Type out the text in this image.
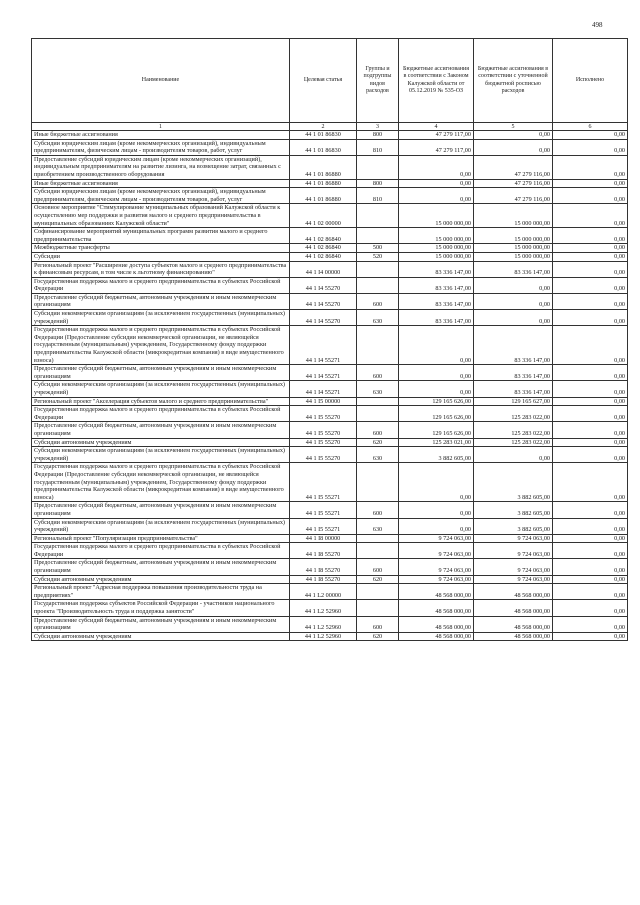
498
Наименование	Целевая статья	Группы и подгруппы видов расходов	Бюджетные ассигнования в соответствии с Законом Калужской области от 05.12.2019 № 535-ОЗ	Бюджетные ассигнования в соответствии с уточненной бюджетной росписью расходов	Исполнено
1	2	3	4	5	6
Иные бюджетные ассигнования	44 1 01 86830	800	47 279 117,00	0,00	0,00
Субсидии юридическим лицам (кроме некоммерческих организаций), индивидуальным предпринимателям, физическим лицам - производителям товаров, работ, услуг	44 1 01 86830	810	47 279 117,00	0,00	0,00
Предоставление субсидий юридическим лицам (кроме некоммерческих организаций), индивидуальным предпринимателям на развитие лизинга, на возмещение затрат, связанных с приобретением производственного оборудования	44 1 01 86880		0,00	47 279 116,00	0,00
Иные бюджетные ассигнования	44 1 01 86880	800	0,00	47 279 116,00	0,00
Субсидии юридическим лицам (кроме некоммерческих организаций), индивидуальным предпринимателям, физическим лицам - производителям товаров, работ, услуг	44 1 01 86880	810	0,00	47 279 116,00	0,00
Основное мероприятие "Стимулирование муниципальных образований Калужской области к осуществлению мер поддержки и развития малого и среднего предпринимательства в муниципальных образованиях Калужской области"	44 1 02 00000		15 000 000,00	15 000 000,00	0,00
Софинансирование мероприятий муниципальных программ развития малого и среднего предпринимательства	44 1 02 86840		15 000 000,00	15 000 000,00	0,00
Межбюджетные трансферты	44 1 02 86840	500	15 000 000,00	15 000 000,00	0,00
Субсидии	44 1 02 86840	520	15 000 000,00	15 000 000,00	0,00
Региональный проект "Расширение доступа субъектов малого и среднего предпринимательства к финансовым ресурсам, в том числе к льготному финансированию"	44 1 I4 00000		83 336 147,00	83 336 147,00	0,00
Государственная поддержка малого и среднего предпринимательства в субъектах Российской Федерации	44 1 I4 55270		83 336 147,00	0,00	0,00
Предоставление субсидий бюджетным, автономным учреждениям и иным некоммерческим организациям	44 1 I4 55270	600	83 336 147,00	0,00	0,00
Субсидии некоммерческим организациям (за исключением государственных (муниципальных) учреждений)	44 1 I4 55270	630	83 336 147,00	0,00	0,00
Государственная поддержка малого и среднего предпринимательства в субъектах Российской Федерации (Предоставление субсидии некоммерческой организации, не являющейся государственным (муниципальным) учреждением, Государственному фонду поддержки предпринимательства Калужской области (микрокредитная компания) в виде имущественного взноса)	44 1 I4 55271		0,00	83 336 147,00	0,00
Предоставление субсидий бюджетным, автономным учреждениям и иным некоммерческим организациям	44 1 I4 55271	600	0,00	83 336 147,00	0,00
Субсидии некоммерческим организациям (за исключением государственных (муниципальных) учреждений)	44 1 I4 55271	630	0,00	83 336 147,00	0,00
Региональный проект "Акселерация субъектов малого и среднего предпринимательства"	44 1 I5 00000		129 165 626,00	129 165 627,00	0,00
Государственная поддержка малого и среднего предпринимательства в субъектах Российской Федерации	44 1 I5 55270		129 165 626,00	125 283 022,00	0,00
Предоставление субсидий бюджетным, автономным учреждениям и иным некоммерческим организациям	44 1 I5 55270	600	129 165 626,00	125 283 022,00	0,00
Субсидии автономным учреждениям	44 1 I5 55270	620	125 283 021,00	125 283 022,00	0,00
Субсидии некоммерческим организациям (за исключением государственных (муниципальных) учреждений)	44 1 I5 55270	630	3 882 605,00	0,00	0,00
Государственная поддержка малого и среднего предпринимательства в субъектах Российской Федерации (Предоставление субсидии некоммерческой организации, не являющейся государственным (муниципальным) учреждением, Государственному фонду поддержки предпринимательства Калужской области (микрокредитная компания) в виде имущественного взноса)	44 1 I5 55271		0,00	3 882 605,00	0,00
Предоставление субсидий бюджетным, автономным учреждениям и иным некоммерческим организациям	44 1 I5 55271	600	0,00	3 882 605,00	0,00
Субсидии некоммерческим организациям (за исключением государственных (муниципальных) учреждений)	44 1 I5 55271	630	0,00	3 882 605,00	0,00
Региональный проект "Популяризация предпринимательства"	44 1 I8 00000		9 724 063,00	9 724 063,00	0,00
Государственная поддержка малого и среднего предпринимательства в субъектах Российской Федерации	44 1 I8 55270		9 724 063,00	9 724 063,00	0,00
Предоставление субсидий бюджетным, автономным учреждениям и иным некоммерческим организациям	44 1 I8 55270	600	9 724 063,00	9 724 063,00	0,00
Субсидии автономным учреждениям	44 1 I8 55270	620	9 724 063,00	9 724 063,00	0,00
Региональный проект "Адресная поддержка повышения производительности труда на предприятиях"	44 1 L2 00000		48 568 000,00	48 568 000,00	0,00
Государственная поддержка субъектов Российской Федерации - участников национального проекта "Производительность труда и поддержка занятости"	44 1 L2 52960		48 568 000,00	48 568 000,00	0,00
Предоставление субсидий бюджетным, автономным учреждениям и иным некоммерческим организациям	44 1 L2 52960	600	48 568 000,00	48 568 000,00	0,00
Субсидии автономным учреждениям	44 1 L2 52960	620	48 568 000,00	48 568 000,00	0,00
